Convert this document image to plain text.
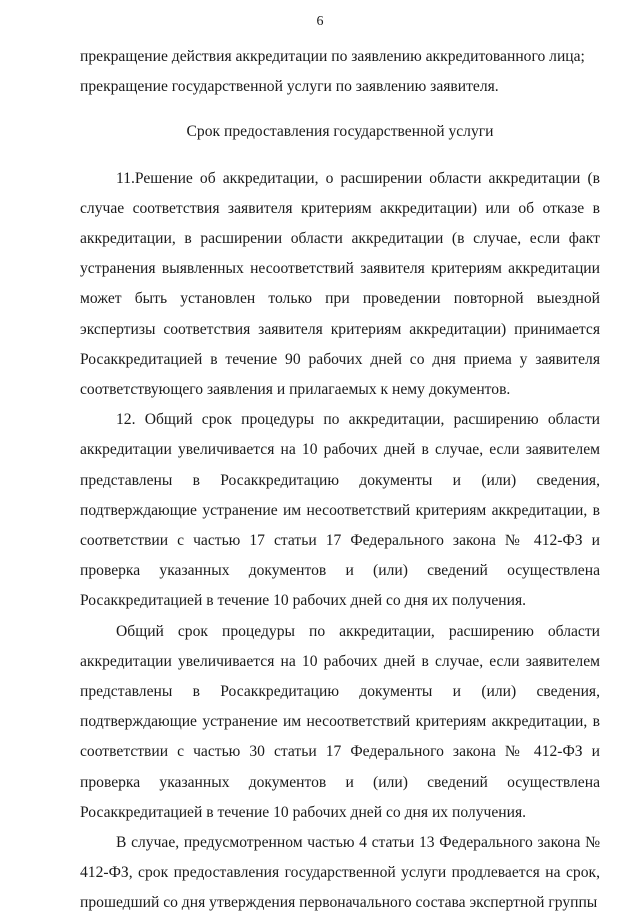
6

прекращение действия аккредитации по заявлению аккредитованного лица;

прекращение государственной услуги по заявлению заявителя.

Срок предоставления государственной услуги

11.Решение об аккредитации, о расширении области аккредитации (в случае соответствия заявителя критериям аккредитации) или об отказе в аккредитации, в расширении области аккредитации (в случае, если факт устранения выявленных несоответствий заявителя критериям аккредитации может быть установлен только при проведении повторной выездной экспертизы соответствия заявителя критериям аккредитации) принимается Росаккредитацией в течение 90 рабочих дней со дня приема у заявителя соответствующего заявления и прилагаемых к нему документов.

12. Общий срок процедуры по аккредитации, расширению области аккредитации увеличивается на 10 рабочих дней в случае, если заявителем представлены в Росаккредитацию документы и (или) сведения, подтверждающие устранение им несоответствий критериям аккредитации, в соответствии с частью 17 статьи 17 Федерального закона № 412-ФЗ и проверка указанных документов и (или) сведений осуществлена Росаккредитацией в течение 10 рабочих дней со дня их получения.

Общий срок процедуры по аккредитации, расширению области аккредитации увеличивается на 10 рабочих дней в случае, если заявителем представлены в Росаккредитацию документы и (или) сведения, подтверждающие устранение им несоответствий критериям аккредитации, в соответствии с частью 30 статьи 17 Федерального закона № 412-ФЗ и проверка указанных документов и (или) сведений осуществлена Росаккредитацией в течение 10 рабочих дней со дня их получения.

В случае, предусмотренном частью 4 статьи 13 Федерального закона № 412-ФЗ, срок предоставления государственной услуги продлевается на срок, прошедший со дня утверждения первоначального состава экспертной группы
